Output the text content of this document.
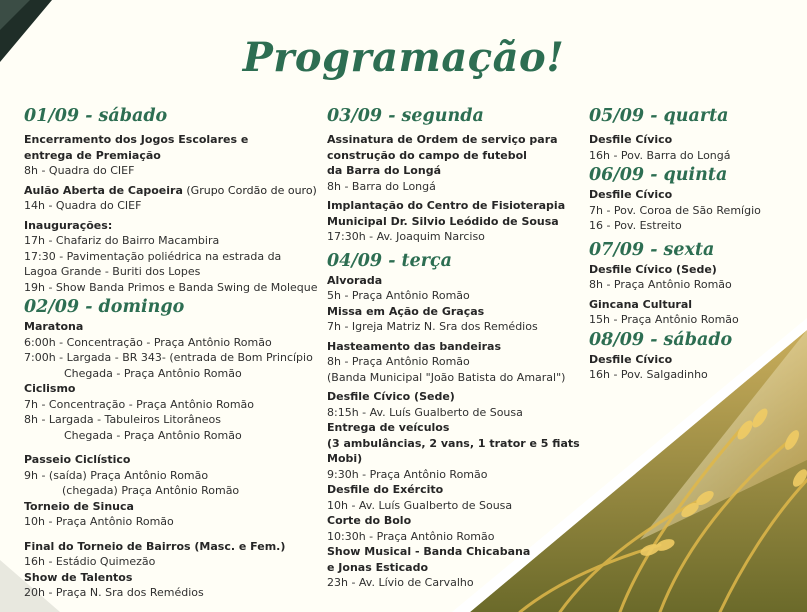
Programação!

01/09 - sábado

Encerramento dos Jogos Escolares e

entrega de Premiação

8h - Quadra do CIEF

Aulão Aberta de Capoeira (Grupo Cordão de ouro)

14h - Quadra do CIEF

Inaugurações:

17h - Chafariz do Bairro Macambira

17:30 - Pavimentação poliédrica na estrada da

Lagoa Grande - Buriti dos Lopes

19h - Show Banda Primos e Banda Swing de Moleque

02/09 - domingo

Maratona

6:00h - Concentração - Praça Antônio Romão

7:00h - Largada - BR 343- (entrada de Bom Princípio

Chegada - Praça Antônio Romão

Ciclismo

7h - Concentração - Praça Antônio Romão

8h - Largada - Tabuleiros Litorâneos

Chegada - Praça Antônio Romão

Passeio Ciclístico

9h - (saída) Praça Antônio Romão

(chegada) Praça Antônio Romão

Torneio de Sinuca

10h - Praça Antônio Romão

Final do Torneio de Bairros (Masc. e Fem.)

16h - Estádio Quimezão

Show de Talentos

20h - Praça N. Sra dos Remédios

03/09 - segunda

Assinatura de Ordem de serviço para

construção do campo de futebol

da Barra do Longá

8h - Barra do Longá

Implantação do Centro de Fisioterapia

Municipal Dr. Silvio Leódido de Sousa

17:30h - Av. Joaquim Narciso

04/09 - terça

Alvorada

5h - Praça Antônio Romão

Missa em Ação de Graças

7h - Igreja Matriz N. Sra dos Remédios

Hasteamento das bandeiras

8h - Praça Antônio Romão

(Banda Municipal "João Batista do Amaral")

Desfile Cívico (Sede)

8:15h - Av. Luís Gualberto de Sousa

Entrega de veículos

(3 ambulâncias, 2 vans, 1 trator e 5 fiats Mobi)

9:30h - Praça Antônio Romão

Desfile do Exército

10h - Av. Luís Gualberto de Sousa

Corte do Bolo

10:30h - Praça Antônio Romão

Show Musical - Banda Chicabana

e Jonas Esticado

23h - Av. Lívio de Carvalho

05/09 - quarta

Desfile Cívico

16h - Pov. Barra do Longá

06/09 - quinta

Desfile Cívico

7h - Pov. Coroa de São Remígio

16 - Pov. Estreito

07/09 - sexta

Desfile Cívico (Sede)

8h - Praça Antônio Romão

Gincana Cultural

15h - Praça Antônio Romão

08/09 - sábado

Desfile Cívico

16h - Pov. Salgadinho
